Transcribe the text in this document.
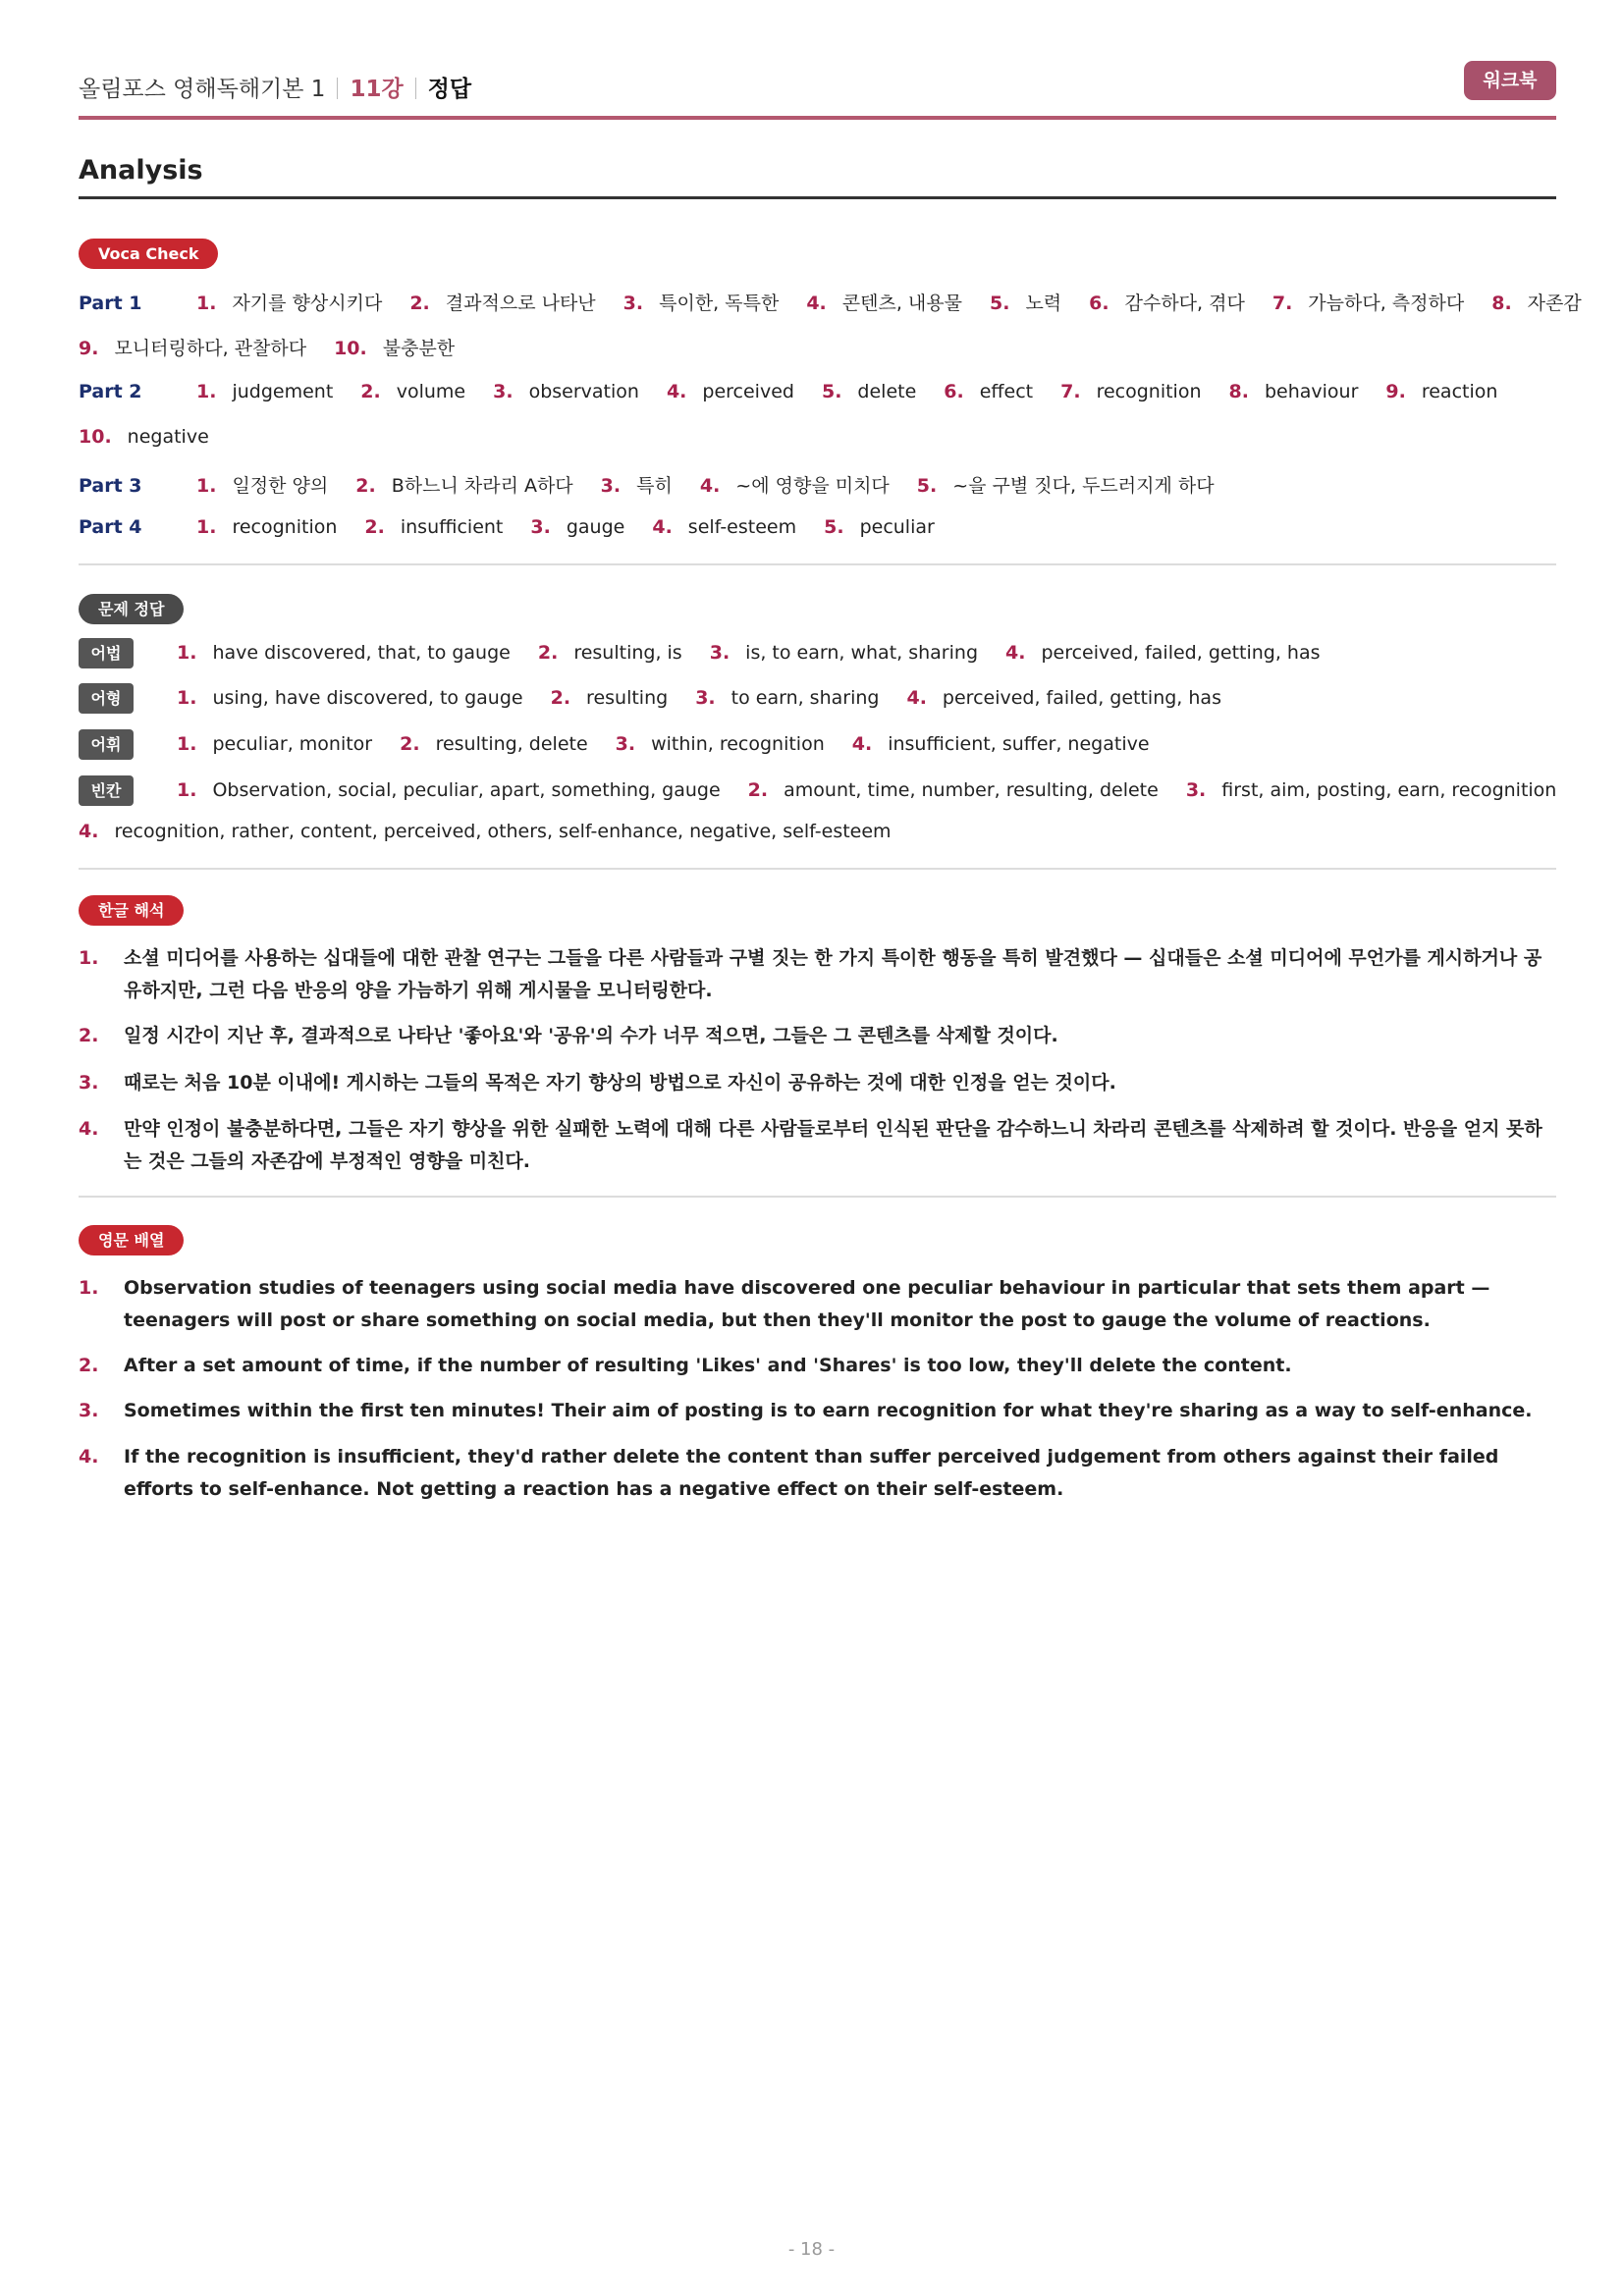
올림포스 영해독해기본 1 11강 정답	워크북
Analysis
Voca Check
Part 1	1. 자기를 향상시키다 2. 결과적으로 나타난 3. 특이한, 독특한 4. 콘텐츠, 내용물 5. 노력 6. 감수하다, 겪다 7. 가늠하다, 측정하다 8. 자존감
9. 모니터링하다, 관찰하다 10. 불충분한
Part 2	1. judgement 2. volume 3. observation 4. perceived 5. delete 6. effect 7. recognition 8. behaviour 9. reaction
10. negative
Part 3	1. 일정한 양의 2. B하느니 차라리 A하다 3. 특히 4. ~에 영향을 미치다 5. ~을 구별 짓다, 두드러지게 하다
Part 4	1. recognition 2. insufficient 3. gauge 4. self-esteem 5. peculiar
문제 정답
어법	1. have discovered, that, to gauge 2. resulting, is 3. is, to earn, what, sharing 4. perceived, failed, getting, has
어형	1. using, have discovered, to gauge 2. resulting 3. to earn, sharing 4. perceived, failed, getting, has
어휘	1. peculiar, monitor 2. resulting, delete 3. within, recognition 4. insufficient, suffer, negative
빈칸	1. Observation, social, peculiar, apart, something, gauge 2. amount, time, number, resulting, delete 3. first, aim, posting, earn, recognition
4. recognition, rather, content, perceived, others, self-enhance, negative, self-esteem
한글 해석
1. 소셜 미디어를 사용하는 십대들에 대한 관찰 연구는 그들을 다른 사람들과 구별 짓는 한 가지 특이한 행동을 특히 발견했다 — 십대들은 소셜 미디어에 무언가를 게시하거나 공유하지만, 그런 다음 반응의 양을 가늠하기 위해 게시물을 모니터링한다.
2. 일정 시간이 지난 후, 결과적으로 나타난 '좋아요'와 '공유'의 수가 너무 적으면, 그들은 그 콘텐츠를 삭제할 것이다.
3. 때로는 처음 10분 이내에! 게시하는 그들의 목적은 자기 향상의 방법으로 자신이 공유하는 것에 대한 인정을 얻는 것이다.
4. 만약 인정이 불충분하다면, 그들은 자기 향상을 위한 실패한 노력에 대해 다른 사람들로부터 인식된 판단을 감수하느니 차라리 콘텐츠를 삭제하려 할 것이다. 반응을 얻지 못하는 것은 그들의 자존감에 부정적인 영향을 미친다.
영문 배열
1. Observation studies of teenagers using social media have discovered one peculiar behaviour in particular that sets them apart — teenagers will post or share something on social media, but then they'll monitor the post to gauge the volume of reactions.
2. After a set amount of time, if the number of resulting 'Likes' and 'Shares' is too low, they'll delete the content.
3. Sometimes within the first ten minutes! Their aim of posting is to earn recognition for what they're sharing as a way to self-enhance.
4. If the recognition is insufficient, they'd rather delete the content than suffer perceived judgement from others against their failed efforts to self-enhance. Not getting a reaction has a negative effect on their self-esteem.
- 18 -
